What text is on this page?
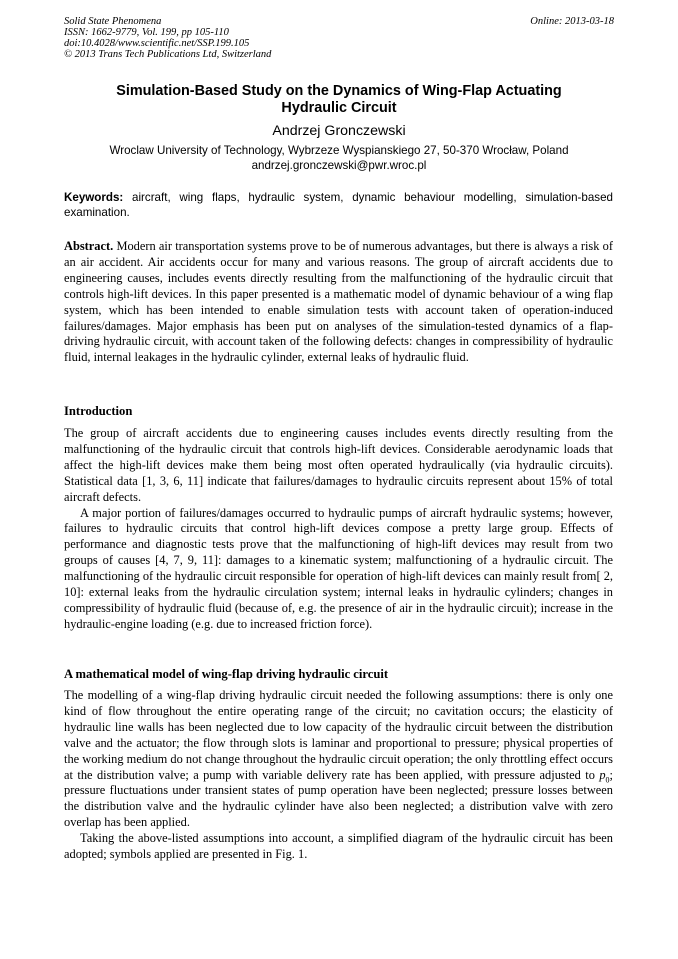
Solid State Phenomena
ISSN: 1662-9779, Vol. 199, pp 105-110
doi:10.4028/www.scientific.net/SSP.199.105
© 2013 Trans Tech Publications Ltd, Switzerland
Online: 2013-03-18
Simulation-Based Study on the Dynamics of Wing-Flap Actuating
Hydraulic Circuit
Andrzej Gronczewski
Wroclaw University of Technology, Wybrzeze Wyspianskiego 27, 50-370 Wrocław, Poland
andrzej.gronczewski@pwr.wroc.pl
Keywords: aircraft, wing flaps, hydraulic system, dynamic behaviour modelling, simulation-based examination.

Abstract. Modern air transportation systems prove to be of numerous advantages, but there is always a risk of an air accident. Air accidents occur for many and various reasons. The group of aircraft accidents due to engineering causes, includes events directly resulting from the malfunctioning of the hydraulic circuit that controls high-lift devices. In this paper presented is a mathematic model of dynamic behaviour of a wing flap system, which has been intended to enable simulation tests with account taken of operation-induced failures/damages. Major emphasis has been put on analyses of the simulation-tested dynamics of a flap-driving hydraulic circuit, with account taken of the following defects: changes in compressibility of hydraulic fluid, internal leakages in the hydraulic cylinder, external leaks of hydraulic fluid.

Introduction

The group of aircraft accidents due to engineering causes includes events directly resulting from the malfunctioning of the hydraulic circuit that controls high-lift devices. Considerable aerodynamic loads that affect the high-lift devices make them being most often operated hydraulically (via hydraulic circuits). Statistical data [1, 3, 6, 11] indicate that failures/damages to hydraulic circuits represent about 15% of total aircraft defects.

A major portion of failures/damages occurred to hydraulic pumps of aircraft hydraulic systems; however, failures to hydraulic circuits that control high-lift devices compose a pretty large group. Effects of performance and diagnostic tests prove that the malfunctioning of high-lift devices may result from two groups of causes [4, 7, 9, 11]: damages to a kinematic system; malfunctioning of a hydraulic circuit. The malfunctioning of the hydraulic circuit responsible for operation of high-lift devices can mainly result from[ 2, 10]: external leaks from the hydraulic circulation system; internal leaks in hydraulic cylinders; changes in compressibility of hydraulic fluid (because of, e.g. the presence of air in the hydraulic circuit); increase in the hydraulic-engine loading (e.g. due to increased friction force).

A mathematical model of wing-flap driving hydraulic circuit

The modelling of a wing-flap driving hydraulic circuit needed the following assumptions: there is only one kind of flow throughout the entire operating range of the circuit; no cavitation occurs; the elasticity of hydraulic line walls has been neglected due to low capacity of the hydraulic circuit between the distribution valve and the actuator; the flow through slots is laminar and proportional to pressure; physical properties of the working medium do not change throughout the hydraulic circuit operation; the only throttling effect occurs at the distribution valve; a pump with variable delivery rate has been applied, with pressure adjusted to $p_0$; pressure fluctuations under transient states of pump operation have been neglected; pressure losses between the distribution valve and the hydraulic cylinder have also been neglected; a distribution valve with zero overlap has been applied.

Taking the above-listed assumptions into account, a simplified diagram of the hydraulic circuit has been adopted; symbols applied are presented in Fig. 1.
